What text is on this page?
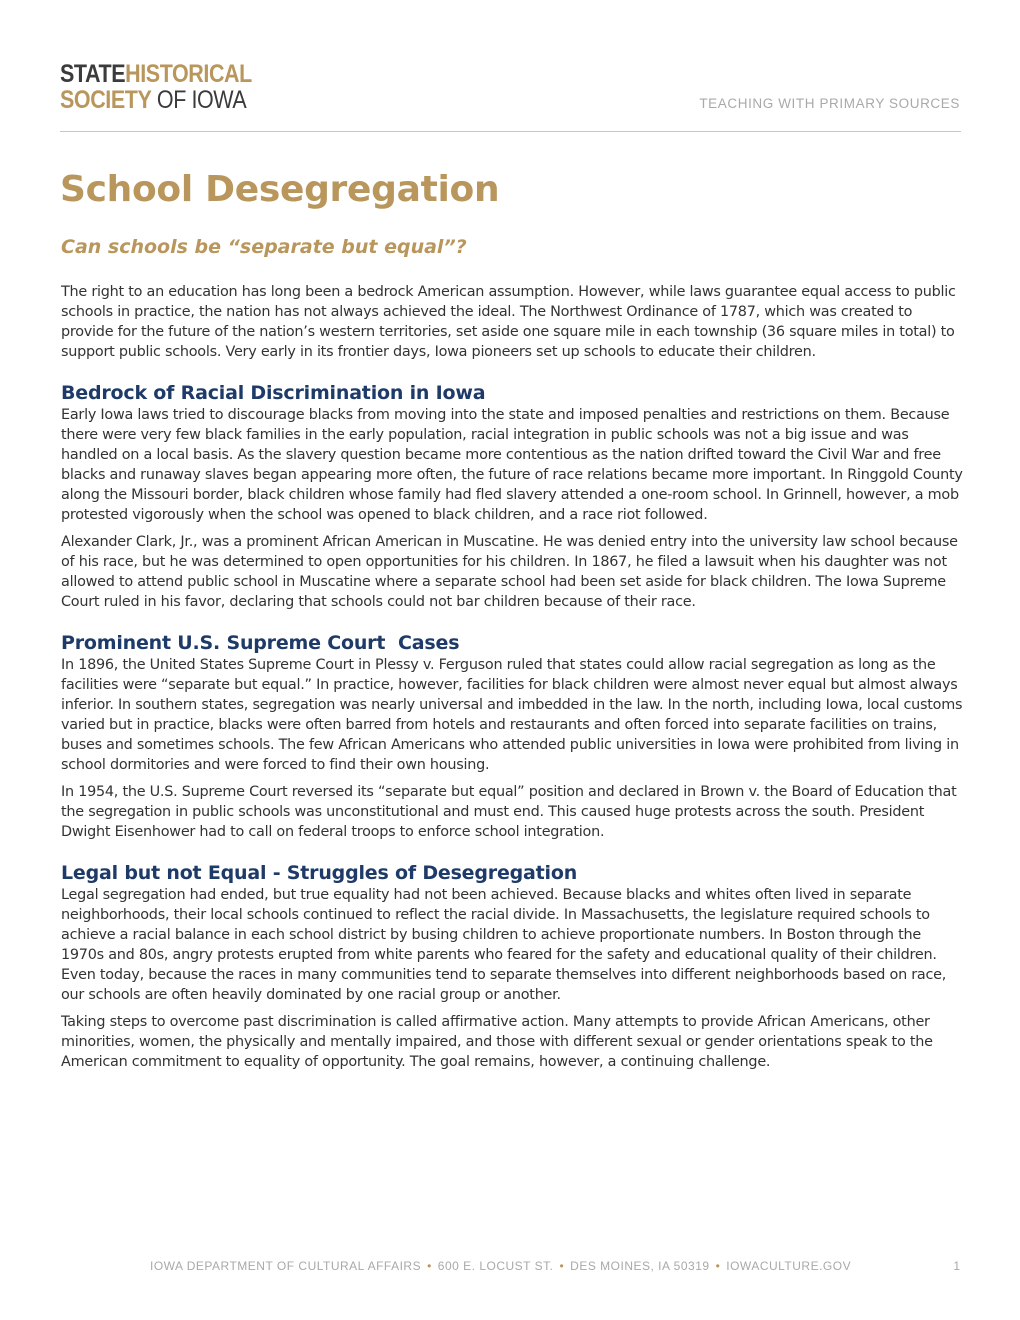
STATEHISTORICAL
SOCIETY OF IOWA	TEACHING WITH PRIMARY SOURCES
School Desegregation
Can schools be “separate but equal”?

The right to an education has long been a bedrock American assumption. However, while laws guarantee equal access to public schools in practice, the nation has not always achieved the ideal. The Northwest Ordinance of 1787, which was created to provide for the future of the nation’s western territories, set aside one square mile in each township (36 square miles in total) to support public schools. Very early in its frontier days, Iowa pioneers set up schools to educate their children.

Bedrock of Racial Discrimination in Iowa

Early Iowa laws tried to discourage blacks from moving into the state and imposed penalties and restrictions on them. Because there were very few black families in the early population, racial integration in public schools was not a big issue and was handled on a local basis. As the slavery question became more contentious as the nation drifted toward the Civil War and free blacks and runaway slaves began appearing more often, the future of race relations became more important. In Ringgold County along the Missouri border, black children whose family had fled slavery attended a one-room school. In Grinnell, however, a mob protested vigorously when the school was opened to black children, and a race riot followed.

Alexander Clark, Jr., was a prominent African American in Muscatine. He was denied entry into the university law school because of his race, but he was determined to open opportunities for his children. In 1867, he filed a lawsuit when his daughter was not allowed to attend public school in Muscatine where a separate school had been set aside for black children. The Iowa Supreme Court ruled in his favor, declaring that schools could not bar children because of their race.

Prominent U.S. Supreme Court  Cases

In 1896, the United States Supreme Court in Plessy v. Ferguson ruled that states could allow racial segregation as long as the facilities were “separate but equal.” In practice, however, facilities for black children were almost never equal but almost always inferior. In southern states, segregation was nearly universal and imbedded in the law. In the north, including Iowa, local customs varied but in practice, blacks were often barred from hotels and restaurants and often forced into separate facilities on trains, buses and sometimes schools. The few African Americans who attended public universities in Iowa were prohibited from living in school dormitories and were forced to find their own housing.

In 1954, the U.S. Supreme Court reversed its “separate but equal” position and declared in Brown v. the Board of Education that the segregation in public schools was unconstitutional and must end. This caused huge protests across the south. President Dwight Eisenhower had to call on federal troops to enforce school integration.

Legal but not Equal - Struggles of Desegregation

Legal segregation had ended, but true equality had not been achieved. Because blacks and whites often lived in separate neighborhoods, their local schools continued to reflect the racial divide. In Massachusetts, the legislature required schools to achieve a racial balance in each school district by busing children to achieve proportionate numbers. In Boston through the 1970s and 80s, angry protests erupted from white parents who feared for the safety and educational quality of their children. Even today, because the races in many communities tend to separate themselves into different neighborhoods based on race, our schools are often heavily dominated by one racial group or another.

Taking steps to overcome past discrimination is called affirmative action. Many attempts to provide African Americans, other minorities, women, the physically and mentally impaired, and those with different sexual or gender orientations speak to the American commitment to equality of opportunity. The goal remains, however, a continuing challenge.

IOWA DEPARTMENT OF CULTURAL AFFAIRS • 600 E. LOCUST ST. • DES MOINES, IA 50319 • IOWACULTURE.GOV	1
